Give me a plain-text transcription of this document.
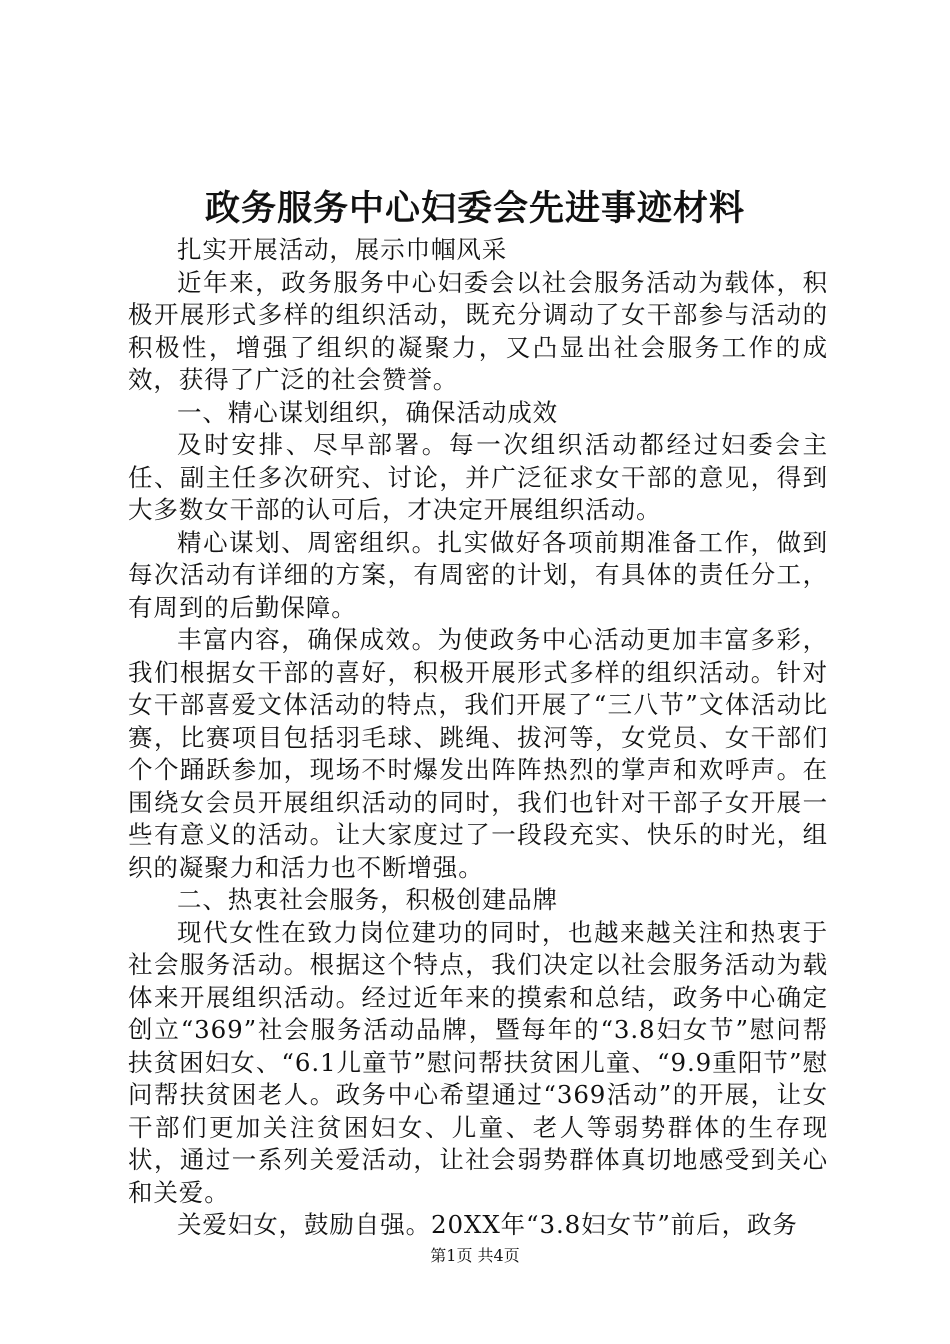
政务服务中心妇委会先进事迹材料

扎实开展活动，展示巾帼风采

近年来，政务服务中心妇委会以社会服务活动为载体，积极开展形式多样的组织活动，既充分调动了女干部参与活动的积极性，增强了组织的凝聚力，又凸显出社会服务工作的成效，获得了广泛的社会赞誉。

一、精心谋划组织，确保活动成效

及时安排、尽早部署。每一次组织活动都经过妇委会主任、副主任多次研究、讨论，并广泛征求女干部的意见，得到大多数女干部的认可后，才决定开展组织活动。

精心谋划、周密组织。扎实做好各项前期准备工作，做到每次活动有详细的方案，有周密的计划，有具体的责任分工，有周到的后勤保障。

丰富内容，确保成效。为使政务中心活动更加丰富多彩，我们根据女干部的喜好，积极开展形式多样的组织活动。针对女干部喜爱文体活动的特点，我们开展了“三八节”文体活动比赛，比赛项目包括羽毛球、跳绳、拔河等，女党员、女干部们个个踊跃参加，现场不时爆发出阵阵热烈的掌声和欢呼声。在围绕女会员开展组织活动的同时，我们也针对干部子女开展一些有意义的活动。让大家度过了一段段充实、快乐的时光，组织的凝聚力和活力也不断增强。

二、热衷社会服务，积极创建品牌

现代女性在致力岗位建功的同时，也越来越关注和热衷于社会服务活动。根据这个特点，我们决定以社会服务活动为载体来开展组织活动。经过近年来的摸索和总结，政务中心确定创立“369”社会服务活动品牌，暨每年的“3.8妇女节”慰问帮扶贫困妇女、“6.1儿童节”慰问帮扶贫困儿童、“9.9重阳节”慰问帮扶贫困老人。政务中心希望通过“369活动”的开展，让女干部们更加关注贫困妇女、儿童、老人等弱势群体的生存现状，通过一系列关爱活动，让社会弱势群体真切地感受到关心和关爱。

关爱妇女，鼓励自强。20XX年“3.8妇女节”前后，政务

第1页 共4页
